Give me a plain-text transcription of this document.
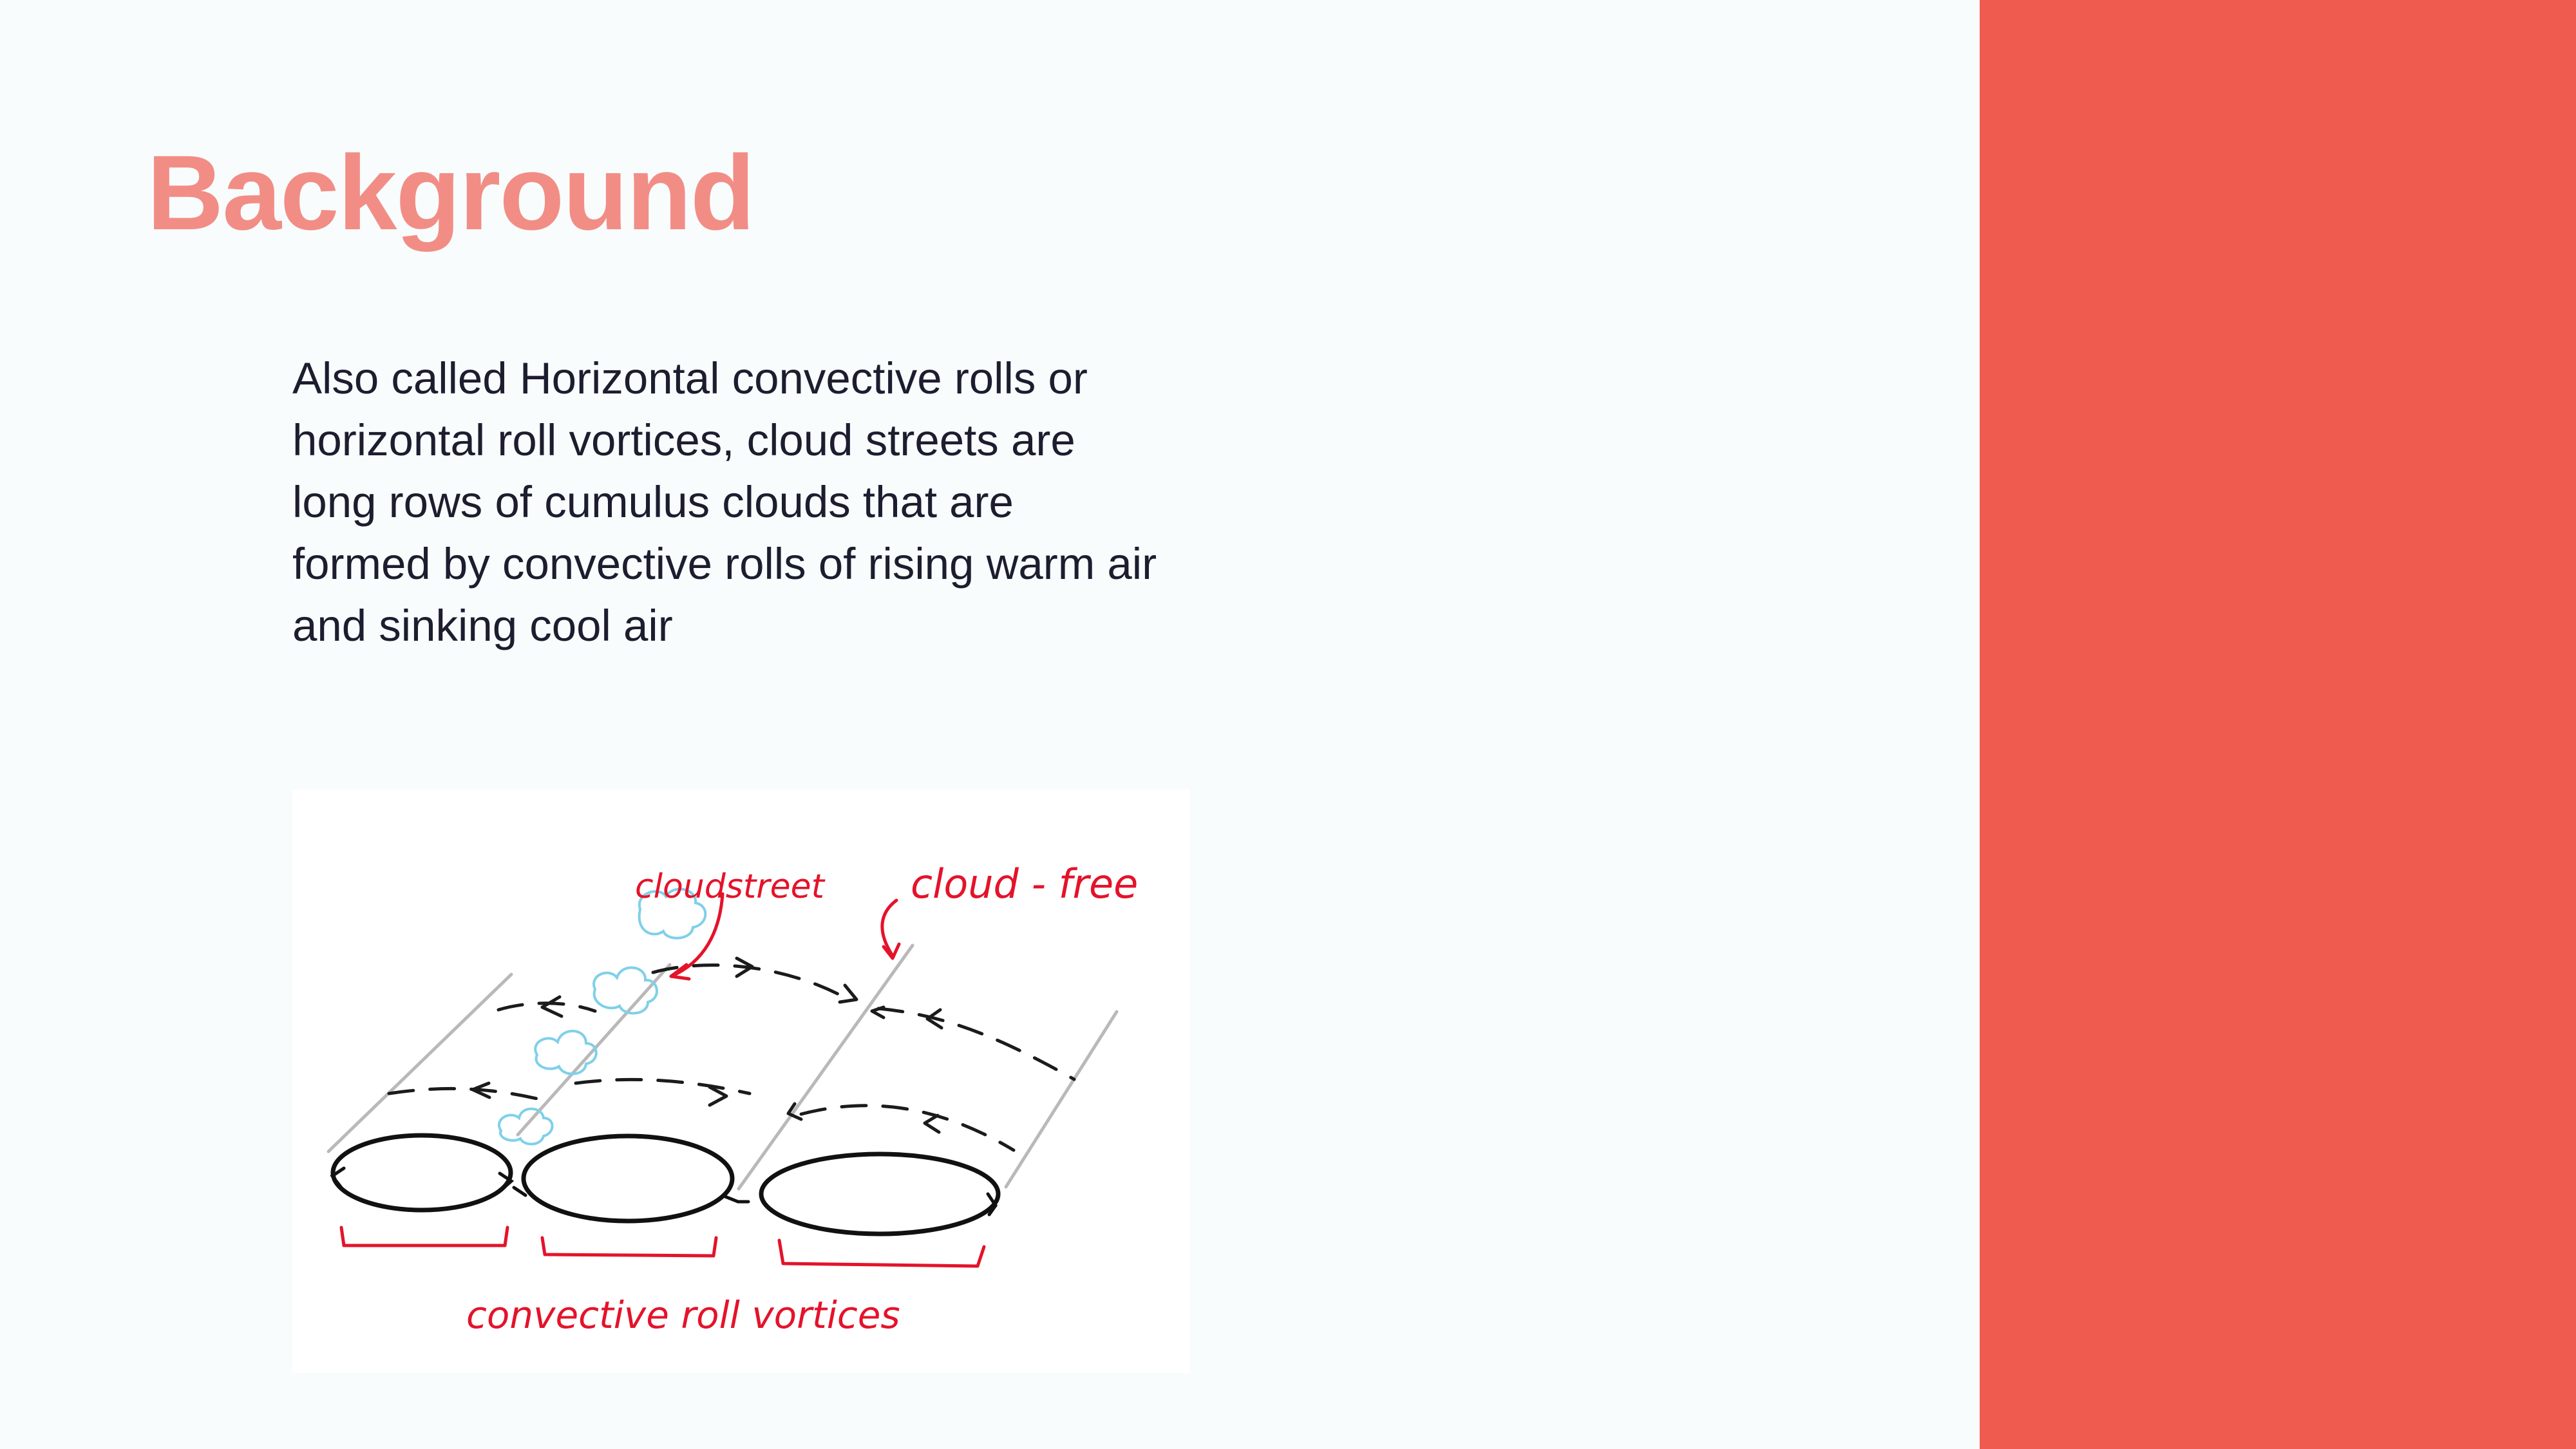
Background

Also called Horizontal convective rolls or horizontal roll vortices, cloud streets are long rows of cumulus clouds that are formed by convective rolls of rising warm air and sinking cool air

cloudstreet cloud - free
convective roll vortices
